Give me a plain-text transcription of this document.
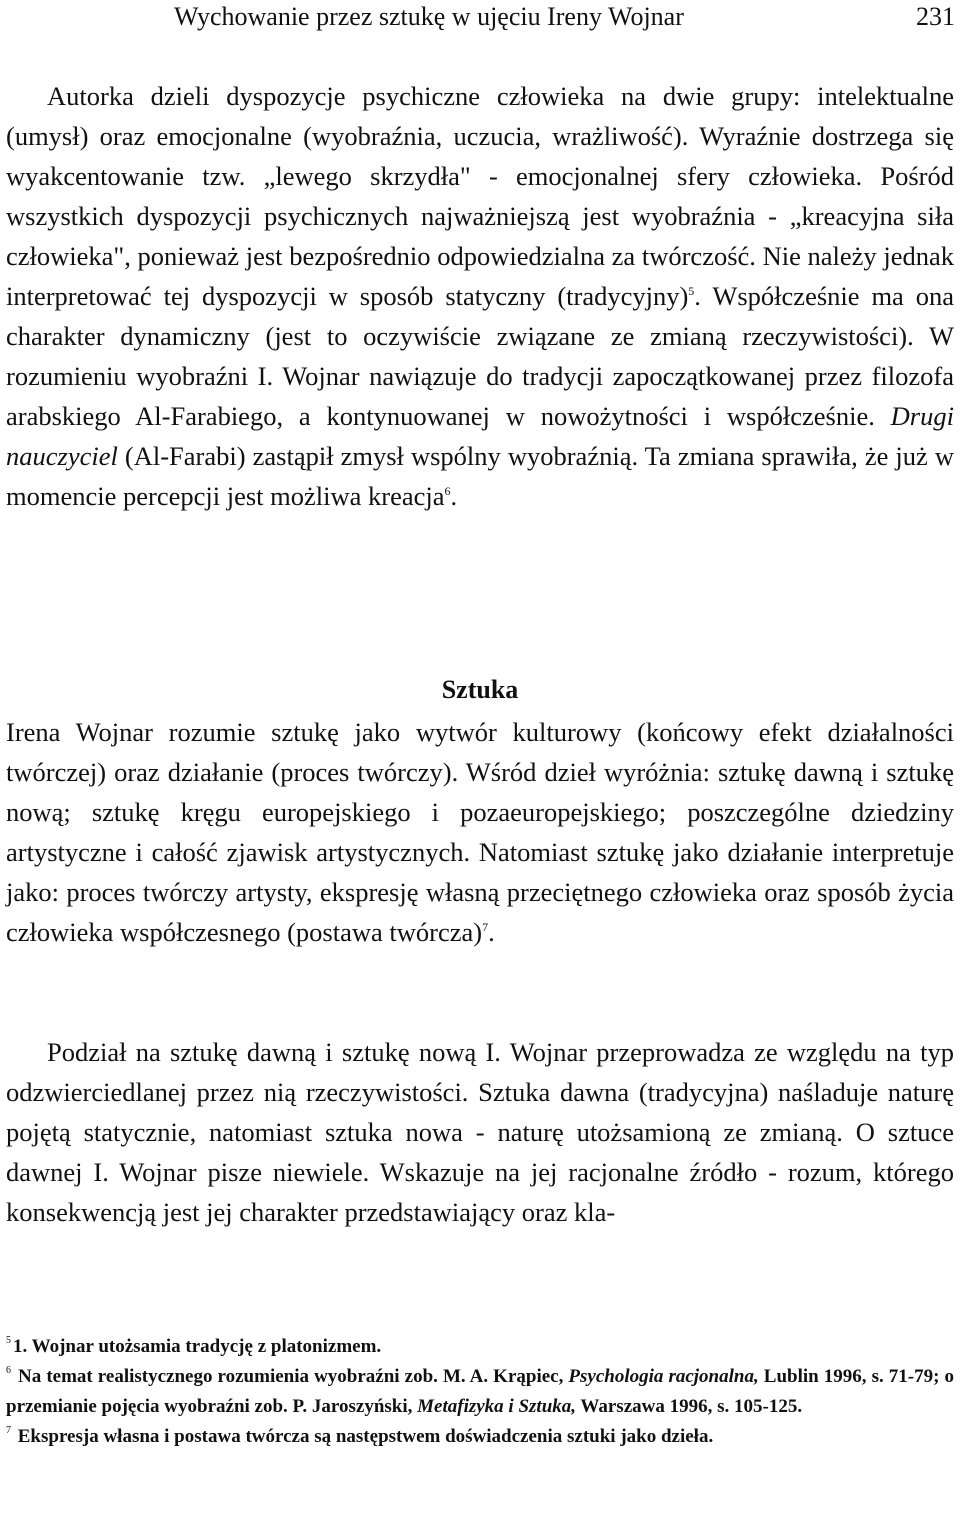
Wychowanie przez sztukę w ujęciu Ireny Wojnar	231

Autorka dzieli dyspozycje psychiczne człowieka na dwie grupy: intelektualne (umysł) oraz emocjonalne (wyobraźnia, uczucia, wrażliwość). Wyraźnie dostrzega się wyakcentowanie tzw. „lewego skrzydła" - emocjonalnej sfery człowieka. Pośród wszystkich dyspozycji psychicznych najważniejszą jest wyobraźnia - „kreacyjna siła człowieka", ponieważ jest bezpośrednio odpowiedzialna za twórczość. Nie należy jednak interpretować tej dyspozycji w sposób statyczny (tradycyjny)$^5$. Współcześnie ma ona charakter dynamiczny (jest to oczywiście związane ze zmianą rzeczywistości). W rozumieniu wyobraźni I. Wojnar nawiązuje do tradycji zapoczątkowanej przez filozofa arabskiego Al-Farabiego, a kontynuowanej w nowożytności i współcześnie. Drugi nauczyciel (Al-Farabi) zastąpił zmysł wspólny wyobraźnią. Ta zmiana sprawiła, że już w momencie percepcji jest możliwa kreacja$^6$.

Sztuka

Irena Wojnar rozumie sztukę jako wytwór kulturowy (końcowy efekt działalności twórczej) oraz działanie (proces twórczy). Wśród dzieł wyróżnia: sztukę dawną i sztukę nową; sztukę kręgu europejskiego i pozaeuropejskiego; poszczególne dziedziny artystyczne i całość zjawisk artystycznych. Natomiast sztukę jako działanie interpretuje jako: proces twórczy artysty, ekspresję własną przeciętnego człowieka oraz sposób życia człowieka współczesnego (postawa twórcza)$^7$.

Podział na sztukę dawną i sztukę nową I. Wojnar przeprowadza ze względu na typ odzwierciedlanej przez nią rzeczywistości. Sztuka dawna (tradycyjna) naśladuje naturę pojętą statycznie, natomiast sztuka nowa - naturę utożsamioną ze zmianą. O sztuce dawnej I. Wojnar pisze niewiele. Wskazuje na jej racjonalne źródło - rozum, którego konsekwencją jest jej charakter przedstawiający oraz kla-

$^5$ 1. Wojnar utożsamia tradycję z platonizmem.

$^6$ Na temat realistycznego rozumienia wyobraźni zob. M. A. Krąpiec, Psychologia racjonalna, Lublin 1996, s. 71-79; o przemianie pojęcia wyobraźni zob. P. Jaroszyński, Metafizyka i Sztuka, Warszawa 1996, s. 105-125.

$^7$ Ekspresja własna i postawa twórcza są następstwem doświadczenia sztuki jako dzieła.
